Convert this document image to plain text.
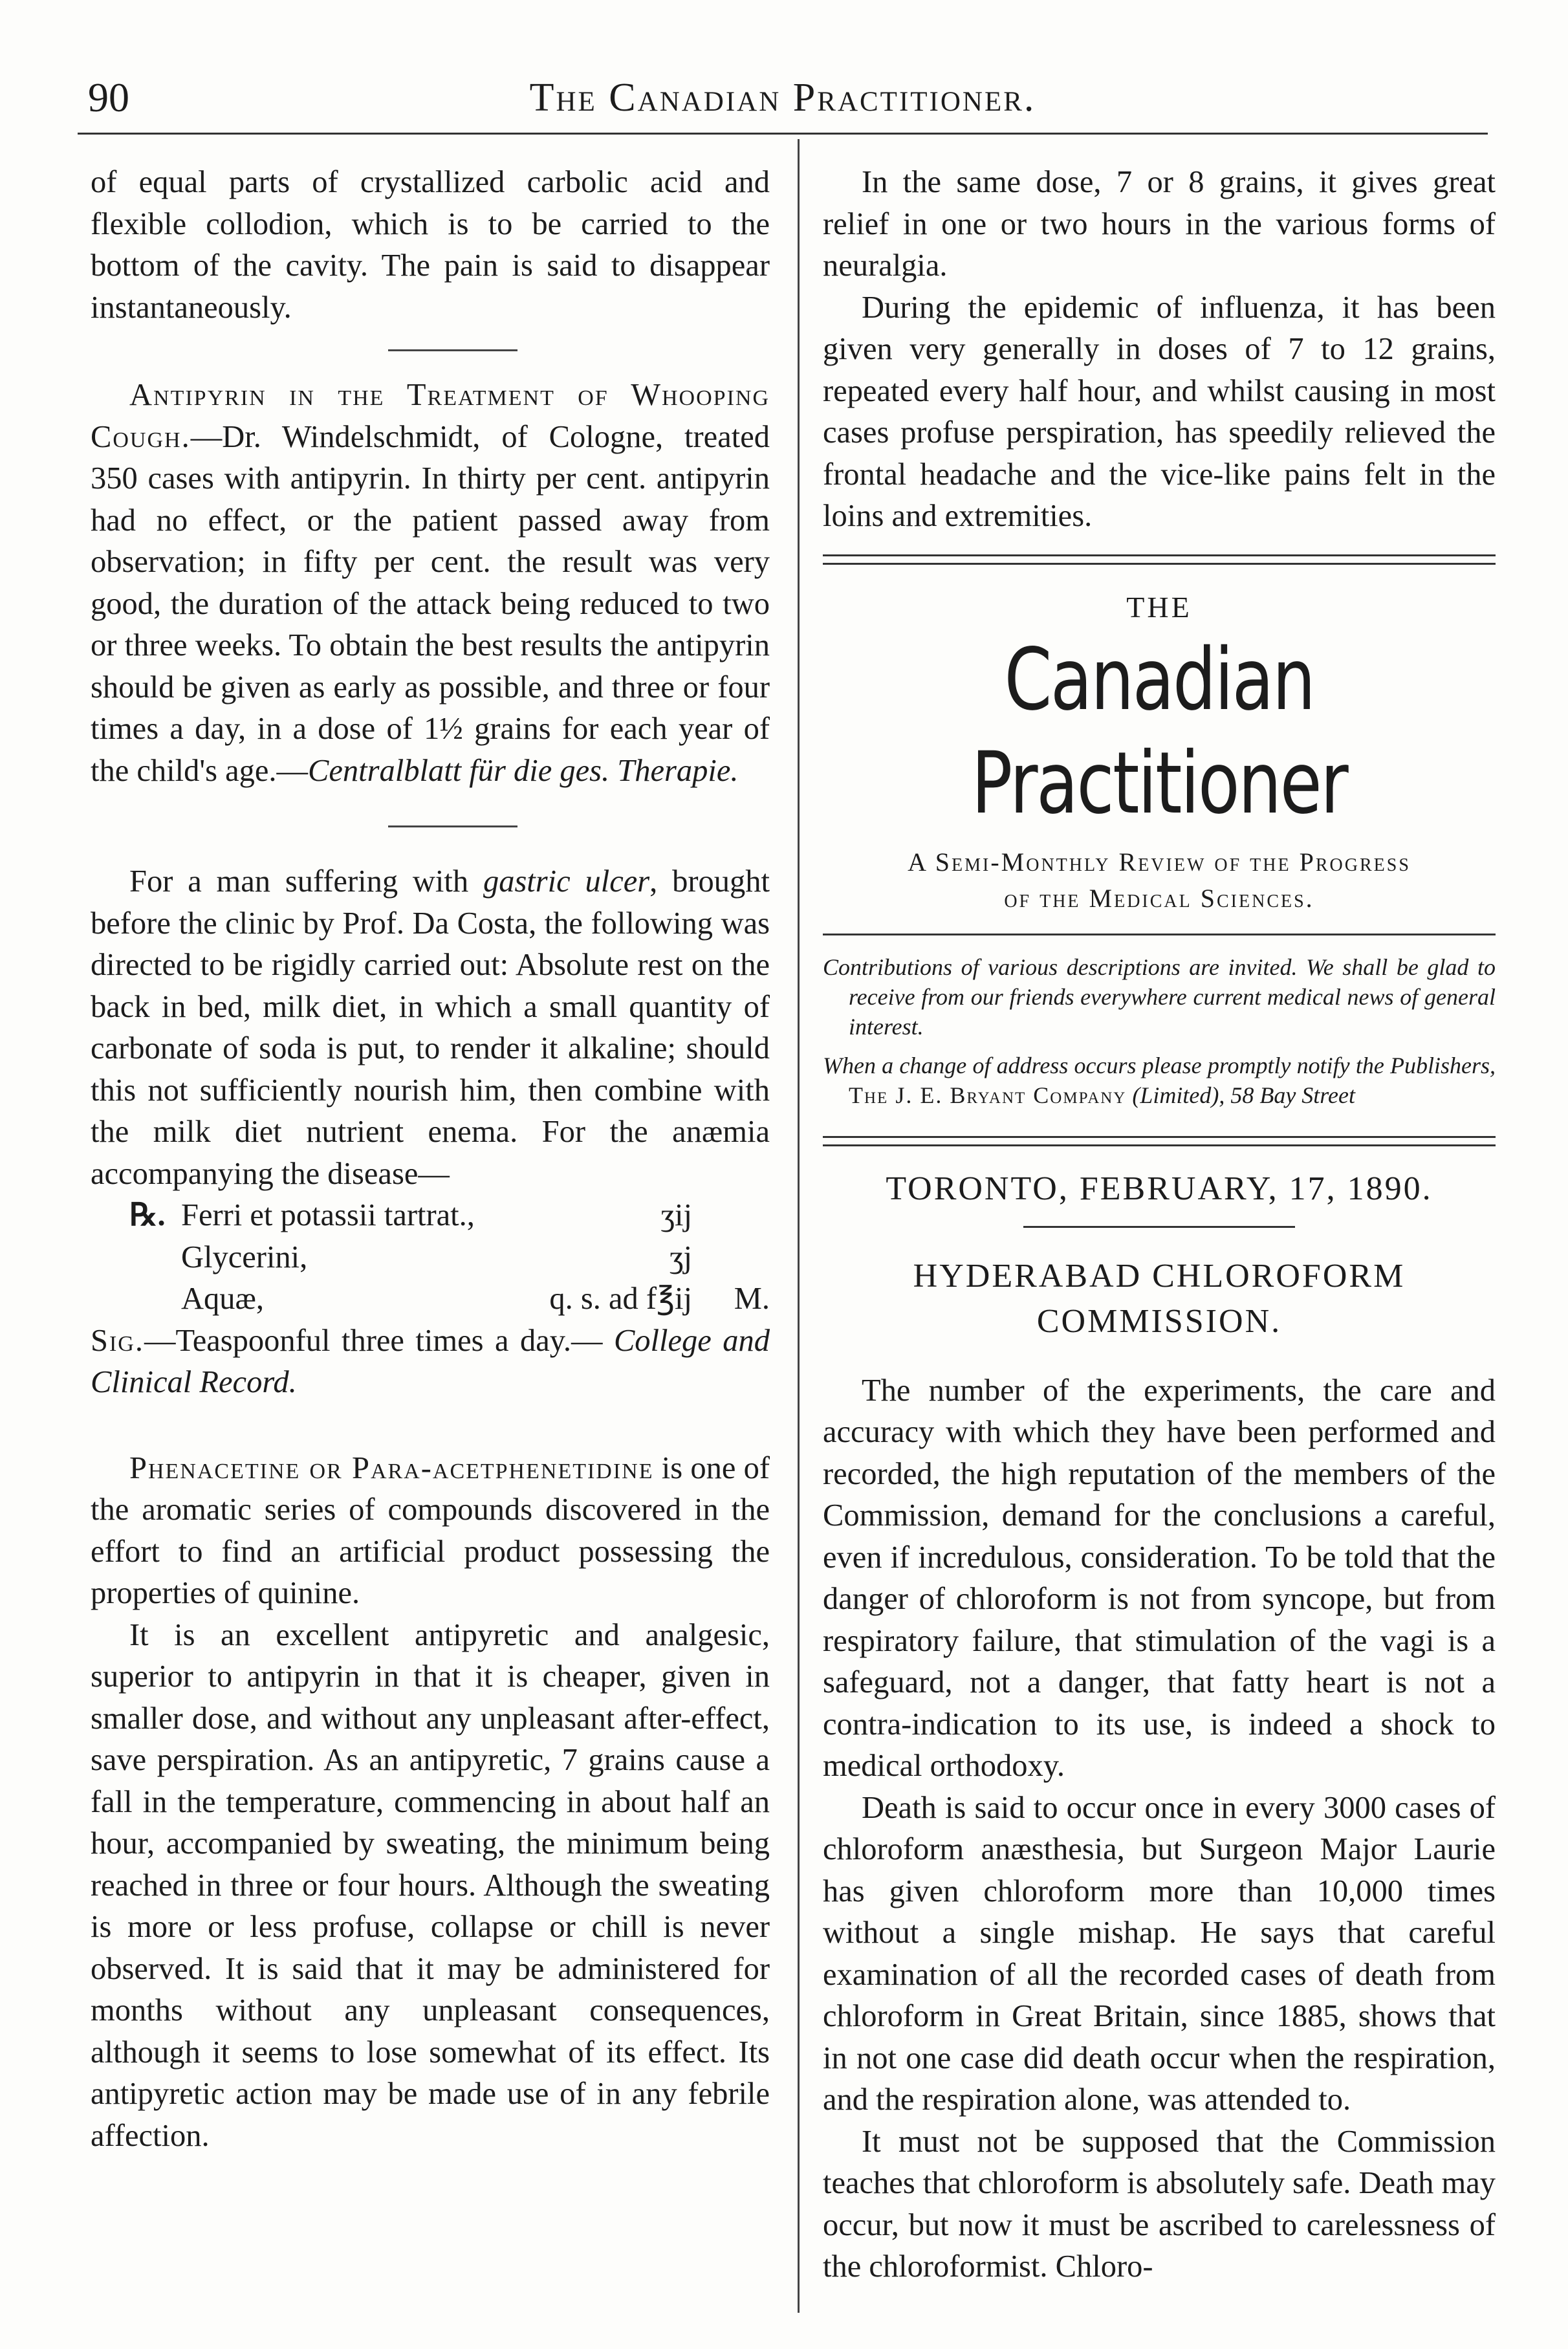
90	The Canadian Practitioner.

of equal parts of crystallized carbolic acid and flexible collodion, which is to be carried to the bottom of the cavity. The pain is said to disappear instantaneously.

Antipyrin in the Treatment of Whooping Cough.—Dr. Windelschmidt, of Cologne, treated 350 cases with antipyrin. In thirty per cent. antipyrin had no effect, or the patient passed away from observation; in fifty per cent. the result was very good, the duration of the attack being reduced to two or three weeks. To obtain the best results the antipyrin should be given as early as possible, and three or four times a day, in a dose of 1½ grains for each year of the child's age.—Centralblatt für die ges. Therapie.

For a man suffering with gastric ulcer, brought before the clinic by Prof. Da Costa, the following was directed to be rigidly carried out: Absolute rest on the back in bed, milk diet, in which a small quantity of carbonate of soda is put, to render it alkaline; should this not sufficiently nourish him, then combine with the milk diet nutrient enema. For the anæmia accompanying the disease—

℞. Ferri et potassii tartrat.,	ʒij
Glycerini,	ʒj
Aquæ,	q. s. ad f℥ij	M.

Sig.—Teaspoonful three times a day.— College and Clinical Record.

Phenacetine or Para-acetphenetidine is one of the aromatic series of compounds discovered in the effort to find an artificial product possessing the properties of quinine.

It is an excellent antipyretic and analgesic, superior to antipyrin in that it is cheaper, given in smaller dose, and without any unpleasant after-effect, save perspiration. As an antipyretic, 7 grains cause a fall in the temperature, commencing in about half an hour, accompanied by sweating, the minimum being reached in three or four hours. Although the sweating is more or less profuse, collapse or chill is never observed. It is said that it may be administered for months without any unpleasant consequences, although it seems to lose somewhat of its effect. Its antipyretic action may be made use of in any febrile affection.

In the same dose, 7 or 8 grains, it gives great relief in one or two hours in the various forms of neuralgia.

During the epidemic of influenza, it has been given very generally in doses of 7 to 12 grains, repeated every half hour, and whilst causing in most cases profuse perspiration, has speedily relieved the frontal headache and the vice-like pains felt in the loins and extremities.

THE
Canadian Practitioner
A Semi-Monthly Review of the Progress
of the Medical Sciences.

Contributions of various descriptions are invited. We shall be glad to receive from our friends everywhere current medical news of general interest.

When a change of address occurs please promptly notify the Publishers, The J. E. Bryant Company (Limited), 58 Bay Street

TORONTO, FEBRUARY, 17, 1890.
HYDERABAD CHLOROFORM COMMISSION.

The number of the experiments, the care and accuracy with which they have been performed and recorded, the high reputation of the members of the Commission, demand for the conclusions a careful, even if incredulous, consideration. To be told that the danger of chloroform is not from syncope, but from respiratory failure, that stimulation of the vagi is a safeguard, not a danger, that fatty heart is not a contra-indication to its use, is indeed a shock to medical orthodoxy.

Death is said to occur once in every 3000 cases of chloroform anæsthesia, but Surgeon Major Laurie has given chloroform more than 10,000 times without a single mishap. He says that careful examination of all the recorded cases of death from chloroform in Great Britain, since 1885, shows that in not one case did death occur when the respiration, and the respiration alone, was attended to.

It must not be supposed that the Commission teaches that chloroform is absolutely safe. Death may occur, but now it must be ascribed to carelessness of the chloroformist. Chloro-
